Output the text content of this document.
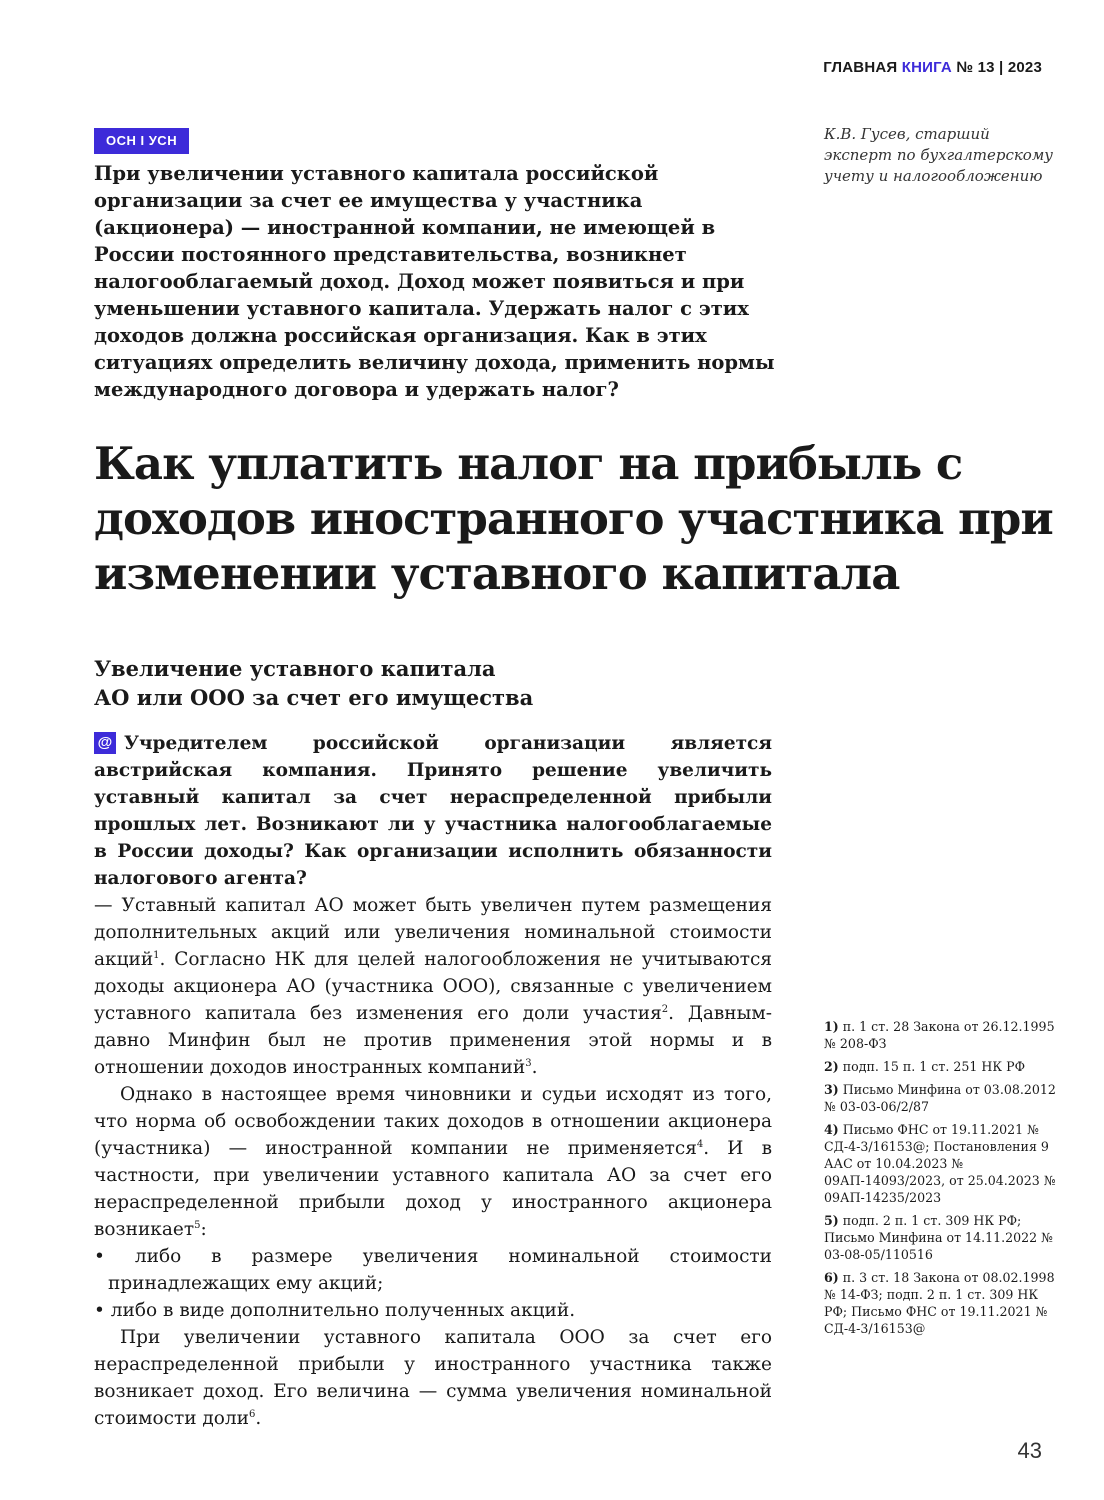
ГЛАВНАЯ КНИГА № 13 | 2023
ОСН I УСН	К.В. Гусев, старший эксперт по бухгалтерскому учету и налогообложению

При увеличении уставного капитала российской организации за счет ее имущества у участника (акционера) — иностранной компании, не имеющей в России постоянного представительства, возникнет налогооблагаемый доход. Доход может появиться и при уменьшении уставного капитала. Удержать налог с этих доходов должна российская организация. Как в этих ситуациях определить величину дохода, применить нормы международного договора и удержать налог?

Как уплатить налог на прибыль с доходов иностранного участника при изменении уставного капитала
Увеличение уставного капитала
АО или ООО за счет его имущества

@ Учредителем российской организации является австрийская компания. Принято решение увеличить уставный капитал за счет нераспределенной прибыли прошлых лет. Возникают ли у участника налогооблагаемые в России доходы? Как организации исполнить обязанности налогового агента?

— Уставный капитал АО может быть увеличен путем размещения дополнительных акций или увеличения номинальной стоимости акций$^1$. Согласно НК для целей налогообложения не учитываются доходы акционера АО (участника ООО), связанные с увеличением уставного капитала без изменения его доли участия$^2$. Давным-давно Минфин был не против применения этой нормы и в отношении доходов иностранных компаний$^3$.

Однако в настоящее время чиновники и судьи исходят из того, что норма об освобождении таких доходов в отношении акционера (участника) — иностранной компании не применяется$^4$. И в частности, при увеличении уставного капитала АО за счет его нераспределенной прибыли доход у иностранного акционера возникает$^5$:

• либо в размере увеличения номинальной стоимости принадлежащих ему акций;

• либо в виде дополнительно полученных акций.

При увеличении уставного капитала ООО за счет его нераспределенной прибыли у иностранного участника также возникает доход. Его величина — сумма увеличения номинальной стоимости доли$^6$.

1) п. 1 ст. 28 Закона от 26.12.1995 № 208-ФЗ

2) подп. 15 п. 1 ст. 251 НК РФ

3) Письмо Минфина от 03.08.2012 № 03-03-06/2/87

4) Письмо ФНС от 19.11.2021 № СД-4-3/16153@; Постановления 9 ААС от 10.04.2023 № 09АП-14093/2023, от 25.04.2023 № 09АП-14235/2023

5) подп. 2 п. 1 ст. 309 НК РФ; Письмо Минфина от 14.11.2022 № 03-08-05/110516

6) п. 3 ст. 18 Закона от 08.02.1998 № 14-ФЗ; подп. 2 п. 1 ст. 309 НК РФ; Письмо ФНС от 19.11.2021 № СД-4-3/16153@

43
